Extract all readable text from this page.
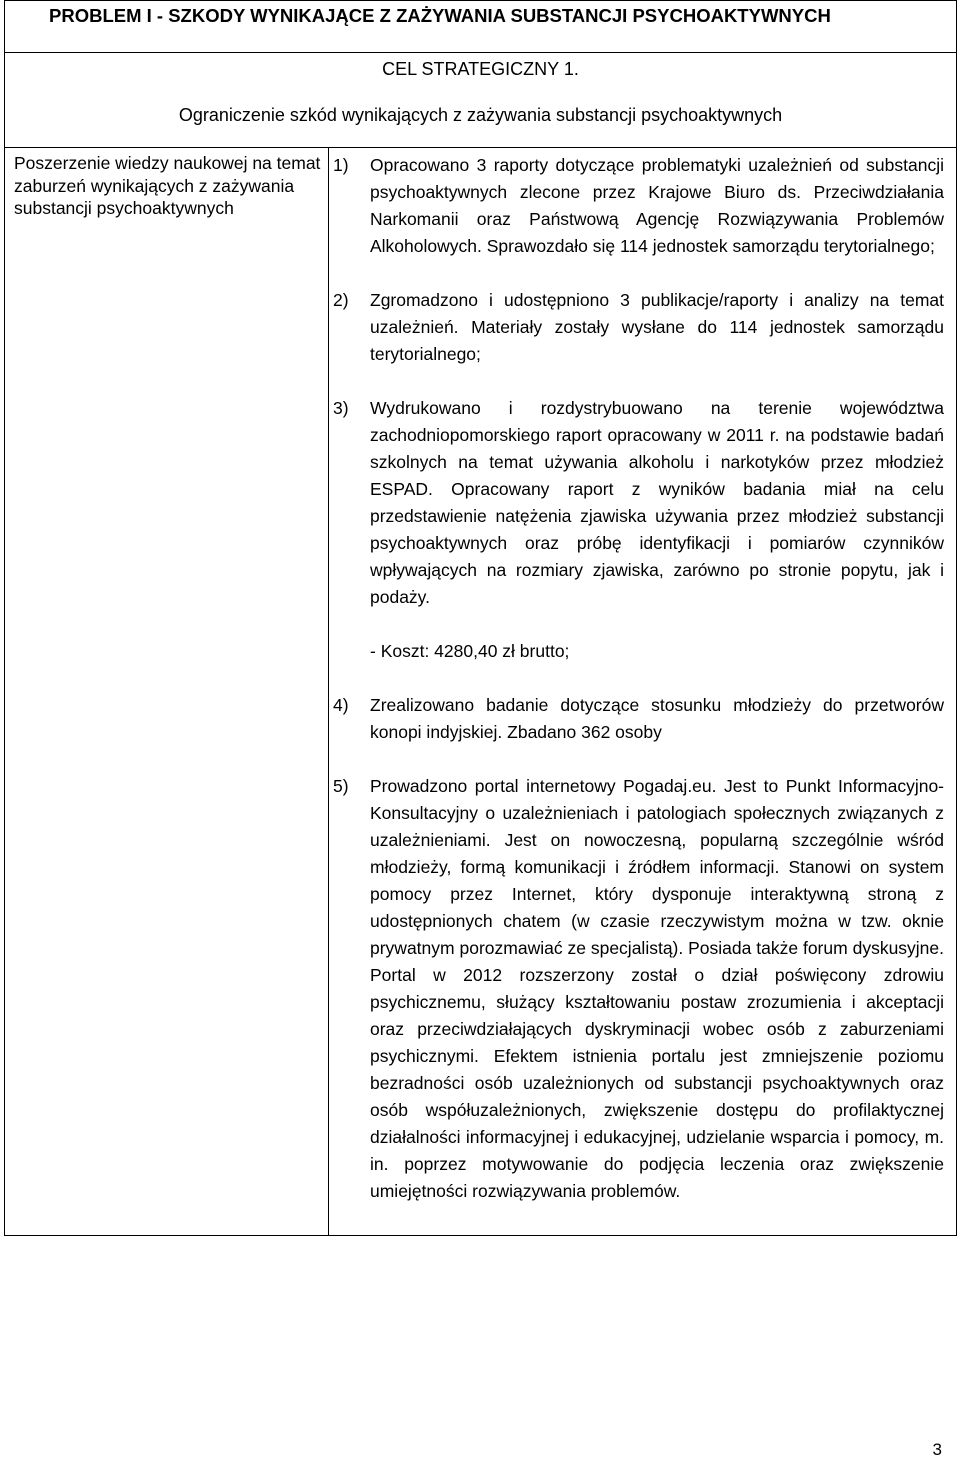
PROBLEM I - SZKODY WYNIKAJĄCE Z ZAŻYWANIA SUBSTANCJI PSYCHOAKTYWNYCH

CEL STRATEGICZNY 1.
Ograniczenie szkód wynikających z zażywania substancji psychoaktywnych

Poszerzenie wiedzy naukowej na temat zaburzeń wynikających z zażywania substancji psychoaktywnych

1)	Opracowano 3 raporty dotyczące problematyki uzależnień od substancji psychoaktywnych zlecone przez Krajowe Biuro ds. Przeciwdziałania Narkomanii oraz Państwową Agencję Rozwiązywania Problemów Alkoholowych. Sprawozdało się 114 jednostek samorządu terytorialnego;
2)	Zgromadzono i udostępniono 3 publikacje/raporty i analizy na temat uzależnień. Materiały zostały wysłane do 114 jednostek samorządu terytorialnego;
3)	Wydrukowano i rozdystrybuowano na terenie województwa zachodniopomorskiego raport opracowany w 2011 r. na podstawie badań szkolnych na temat używania alkoholu i narkotyków przez młodzież ESPAD. Opracowany raport z wyników badania miał na celu przedstawienie natężenia zjawiska używania przez młodzież substancji psychoaktywnych oraz próbę identyfikacji i pomiarów czynników wpływających na rozmiary zjawiska, zarówno po stronie popytu, jak i podaży.
- Koszt: 4280,40 zł brutto;
4)	Zrealizowano badanie dotyczące stosunku młodzieży do przetworów konopi indyjskiej. Zbadano 362 osoby
5)	Prowadzono portal internetowy Pogadaj.eu. Jest to Punkt Informacyjno-Konsultacyjny o uzależnieniach i patologiach społecznych związanych z uzależnieniami. Jest on nowoczesną, popularną szczególnie wśród młodzieży, formą komunikacji i źródłem informacji. Stanowi on system pomocy przez Internet, który dysponuje interaktywną stroną z udostępnionych chatem (w czasie rzeczywistym można w tzw. oknie prywatnym porozmawiać ze specjalistą). Posiada także forum dyskusyjne. Portal w 2012 rozszerzony został o dział poświęcony zdrowiu psychicznemu, służący kształtowaniu postaw zrozumienia i akceptacji oraz przeciwdziałających dyskryminacji wobec osób z zaburzeniami psychicznymi. Efektem istnienia portalu jest zmniejszenie poziomu bezradności osób uzależnionych od substancji psychoaktywnych oraz osób współuzależnionych, zwiększenie dostępu do profilaktycznej działalności informacyjnej i edukacyjnej, udzielanie wsparcia i pomocy, m. in. poprzez motywowanie do podjęcia leczenia oraz zwiększenie umiejętności rozwiązywania problemów.
3
